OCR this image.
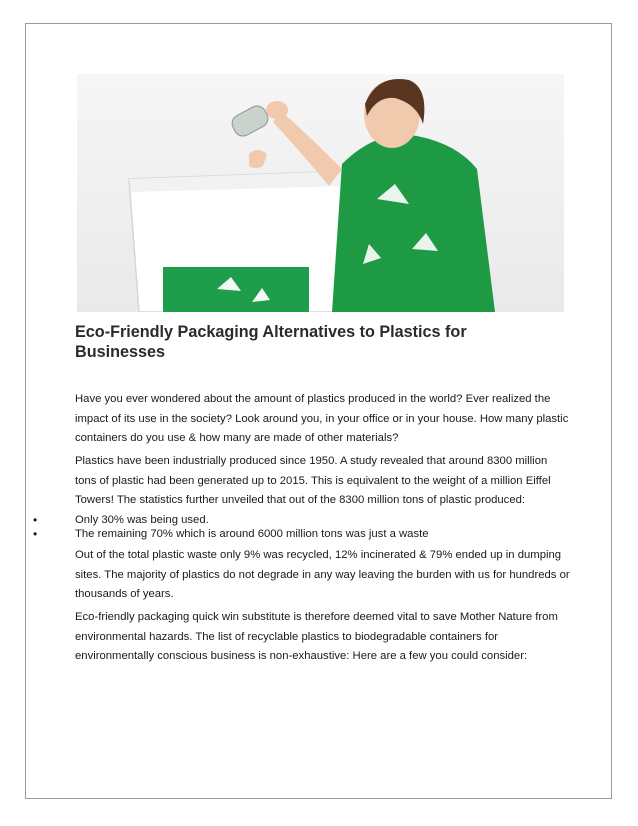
Eco-Friendly Packaging Alternatives to Plastics for Businesses

Have you ever wondered about the amount of plastics produced in the world? Ever realized the impact of its use in the society? Look around you, in your office or in your house. How many plastic containers do you use & how many are made of other materials?

Plastics have been industrially produced since 1950. A study revealed that around 8300 million tons of plastic had been generated up to 2015. This is equivalent to the weight of a million Eiffel Towers! The statistics further unveiled that out of the 8300 million tons of plastic produced:

•	Only 30% was being used.
•	The remaining 70% which is around 6000 million tons was just a waste

Out of the total plastic waste only 9% was recycled, 12% incinerated & 79% ended up in dumping sites. The majority of plastics do not degrade in any way leaving the burden with us for hundreds or thousands of years.

Eco-friendly packaging quick win substitute is therefore deemed vital to save Mother Nature from environmental hazards. The list of recyclable plastics to biodegradable containers for environmentally conscious business is non-exhaustive: Here are a few you could consider:
